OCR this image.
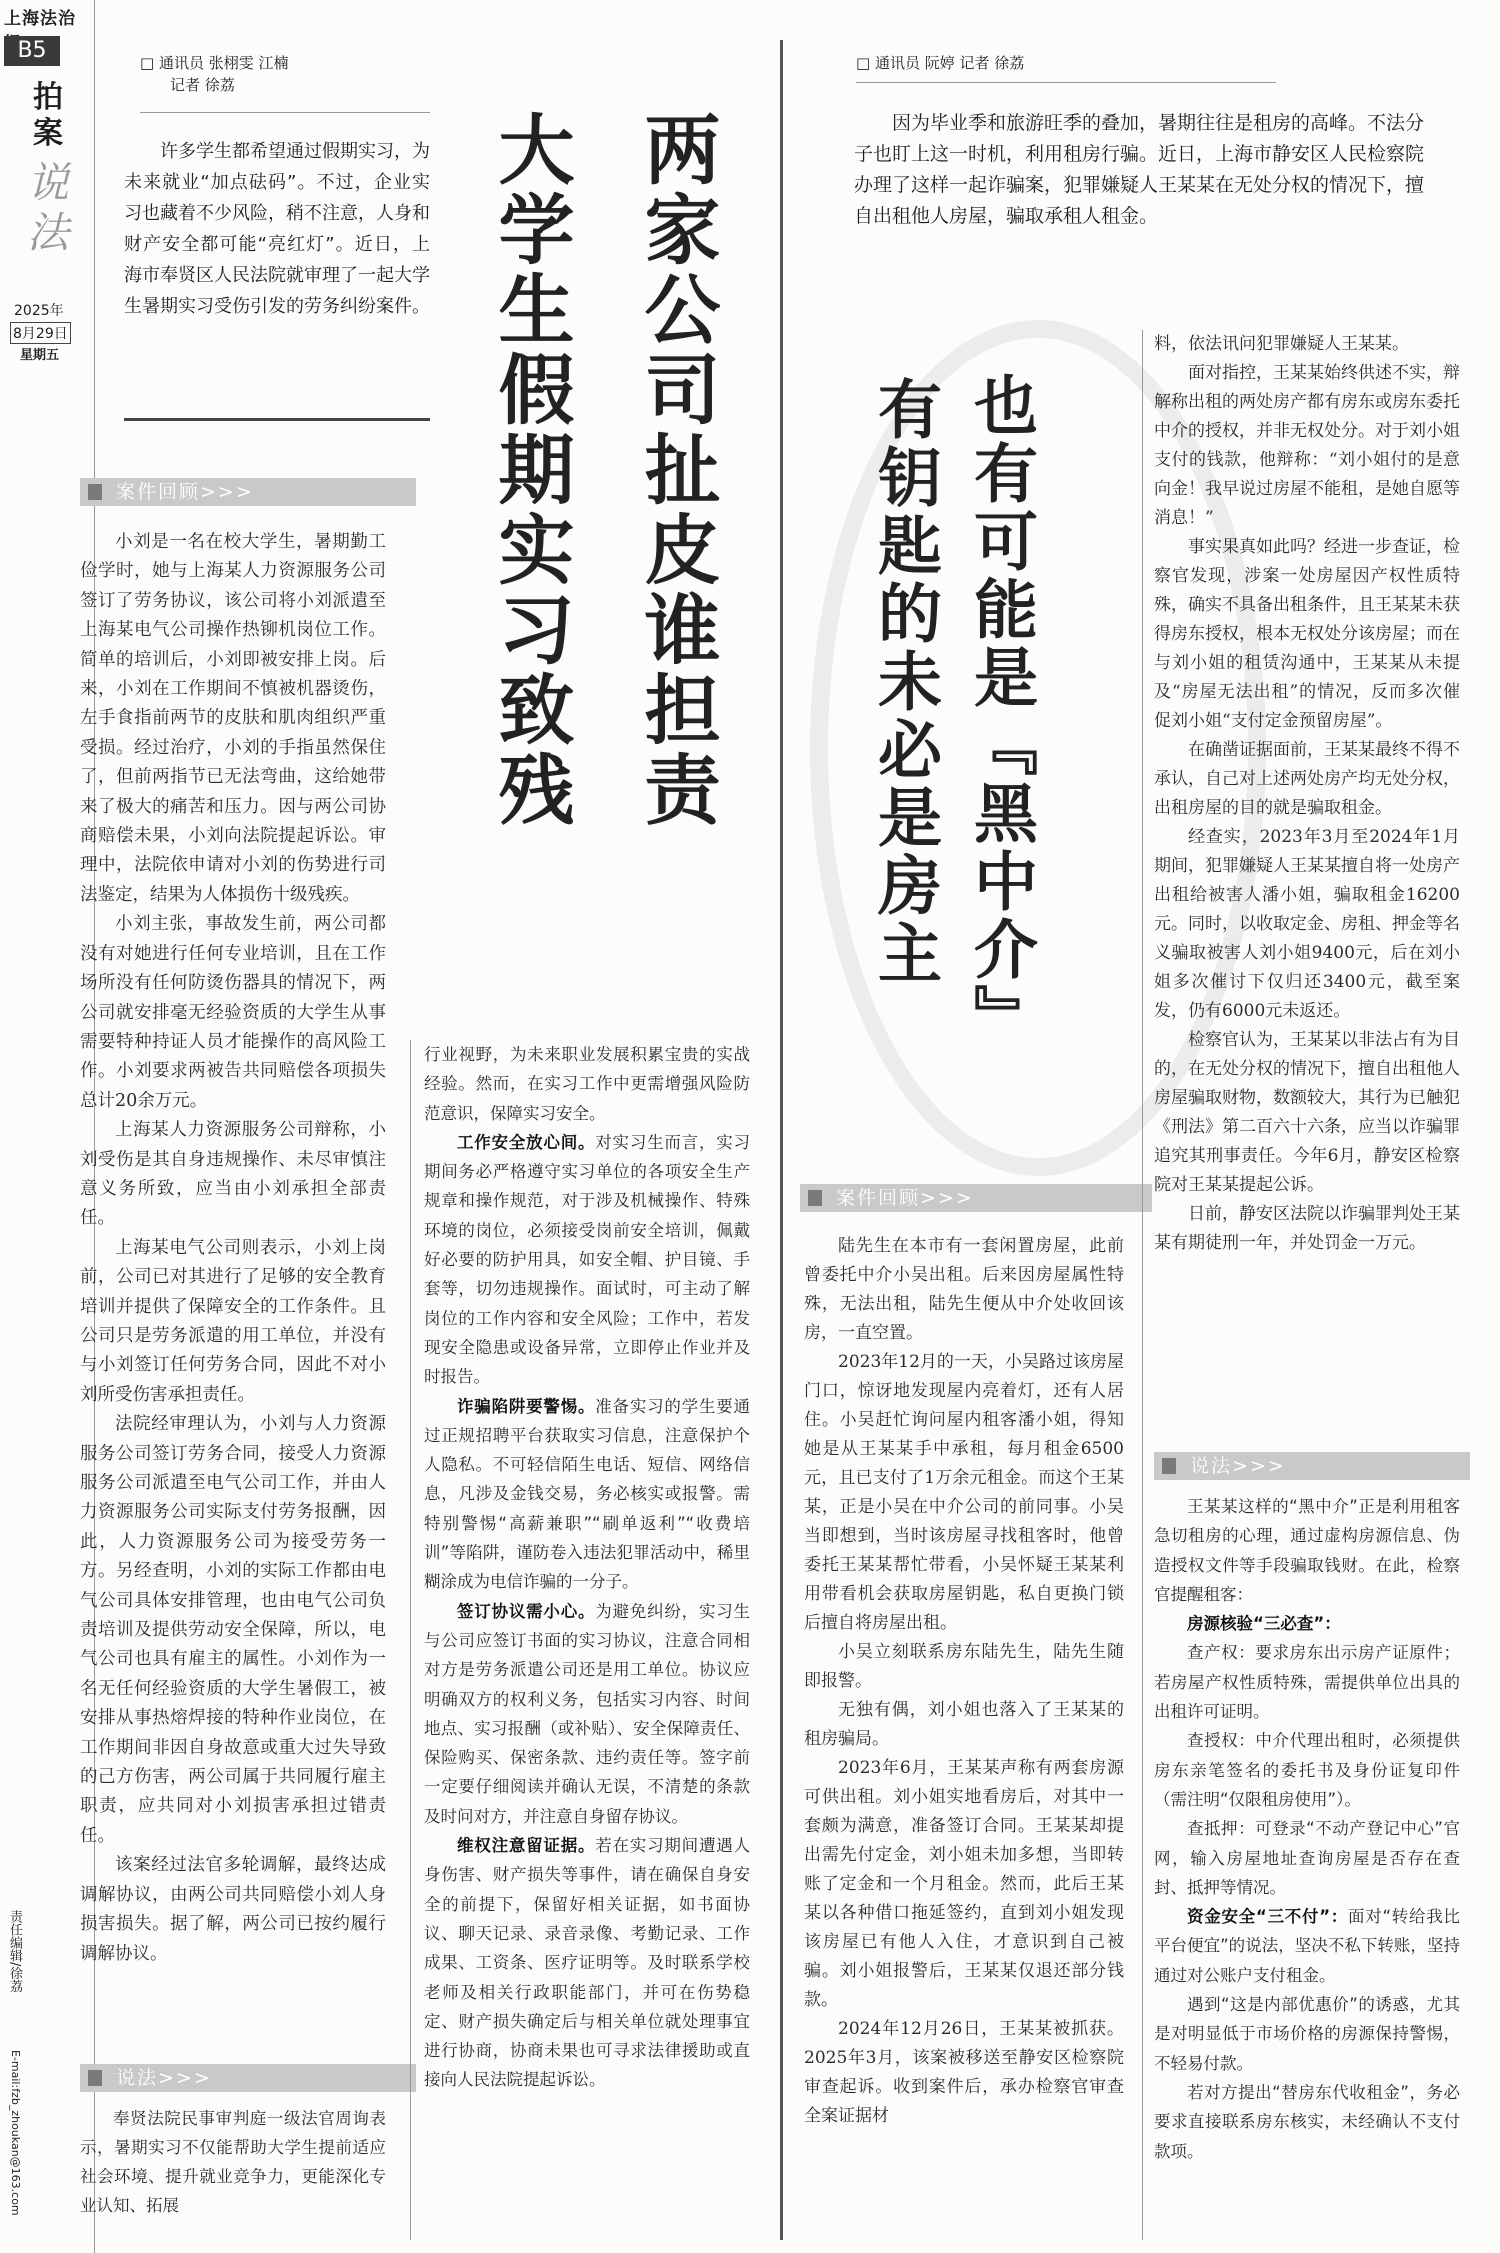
上海法治
B5
拍案
说法
2025年
8月29日
星期五
责任编辑/徐荔
E-mail:fzb_zhoukan@163.com
□ 通讯员 张栩雯 江楠
记者 徐荔
许多学生都希望通过假期实习，为未来就业“加点砝码”。不过，企业实习也藏着不少风险，稍不注意，人身和财产安全都可能“亮红灯”。近日，上海市奉贤区人民法院就审理了一起大学生暑期实习受伤引发的劳务纠纷案件。	两家公司扯皮谁担责
大学生假期实习致残
案件回顾>>>

小刘是一名在校大学生，暑期勤工俭学时，她与上海某人力资源服务公司签订了劳务协议，该公司将小刘派遣至上海某电气公司操作热铆机岗位工作。简单的培训后，小刘即被安排上岗。后来，小刘在工作期间不慎被机器烫伤，左手食指前两节的皮肤和肌肉组织严重受损。经过治疗，小刘的手指虽然保住了，但前两指节已无法弯曲，这给她带来了极大的痛苦和压力。因与两公司协商赔偿未果，小刘向法院提起诉讼。审理中，法院依申请对小刘的伤势进行司法鉴定，结果为人体损伤十级残疾。

小刘主张，事故发生前，两公司都没有对她进行任何专业培训，且在工作场所没有任何防烫伤器具的情况下，两公司就安排毫无经验资质的大学生从事需要特种持证人员才能操作的高风险工作。小刘要求两被告共同赔偿各项损失总计20余万元。

上海某人力资源服务公司辩称，小刘受伤是其自身违规操作、未尽审慎注意义务所致，应当由小刘承担全部责任。

上海某电气公司则表示，小刘上岗前，公司已对其进行了足够的安全教育培训并提供了保障安全的工作条件。且公司只是劳务派遣的用工单位，并没有与小刘签订任何劳务合同，因此不对小刘所受伤害承担责任。

法院经审理认为，小刘与人力资源服务公司签订劳务合同，接受人力资源服务公司派遣至电气公司工作，并由人力资源服务公司实际支付劳务报酬，因此，人力资源服务公司为接受劳务一方。另经查明，小刘的实际工作都由电气公司具体安排管理，也由电气公司负责培训及提供劳动安全保障，所以，电气公司也具有雇主的属性。小刘作为一名无任何经验资质的大学生暑假工，被安排从事热熔焊接的特种作业岗位，在工作期间非因自身故意或重大过失导致的己方伤害，两公司属于共同履行雇主职责，应共同对小刘损害承担过错责任。

该案经过法官多轮调解，最终达成调解协议，由两公司共同赔偿小刘人身损害损失。据了解，两公司已按约履行调解协议。

说法>>>

奉贤法院民事审判庭一级法官周询表示，暑期实习不仅能帮助大学生提前适应社会环境、提升就业竞争力，更能深化专业认知、拓展

行业视野，为未来职业发展积累宝贵的实战经验。然而，在实习工作中更需增强风险防范意识，保障实习安全。

工作安全放心间。对实习生而言，实习期间务必严格遵守实习单位的各项安全生产规章和操作规范，对于涉及机械操作、特殊环境的岗位，必须接受岗前安全培训，佩戴好必要的防护用具，如安全帽、护目镜、手套等，切勿违规操作。面试时，可主动了解岗位的工作内容和安全风险；工作中，若发现安全隐患或设备异常，立即停止作业并及时报告。

诈骗陷阱要警惕。准备实习的学生要通过正规招聘平台获取实习信息，注意保护个人隐私。不可轻信陌生电话、短信、网络信息，凡涉及金钱交易，务必核实或报警。需特别警惕“高薪兼职”“刷单返利”“收费培训”等陷阱，谨防卷入违法犯罪活动中，稀里糊涂成为电信诈骗的一分子。

签订协议需小心。为避免纠纷，实习生与公司应签订书面的实习协议，注意合同相对方是劳务派遣公司还是用工单位。协议应明确双方的权利义务，包括实习内容、时间地点、实习报酬（或补贴）、安全保障责任、保险购买、保密条款、违约责任等。签字前一定要仔细阅读并确认无误，不清楚的条款及时问对方，并注意自身留存协议。

维权注意留证据。若在实习期间遭遇人身伤害、财产损失等事件，请在确保自身安全的前提下，保留好相关证据，如书面协议、聊天记录、录音录像、考勤记录、工作成果、工资条、医疗证明等。及时联系学校老师及相关行政职能部门，并可在伤势稳定、财产损失确定后与相关单位就处理事宜进行协商，协商未果也可寻求法律援助或直接向人民法院提起诉讼。

□ 通讯员 阮婷 记者 徐荔
因为毕业季和旅游旺季的叠加，暑期往往是租房的高峰。不法分子也盯上这一时机，利用租房行骗。近日，上海市静安区人民检察院办理了这样一起诈骗案，犯罪嫌疑人王某某在无处分权的情况下，擅自出租他人房屋，骗取承租人租金。
也有可能是『黑中介』
有钥匙的未必是房主
案件回顾>>>

陆先生在本市有一套闲置房屋，此前曾委托中介小吴出租。后来因房屋属性特殊，无法出租，陆先生便从中介处收回该房，一直空置。

2023年12月的一天，小吴路过该房屋门口，惊讶地发现屋内亮着灯，还有人居住。小吴赶忙询问屋内租客潘小姐，得知她是从王某某手中承租，每月租金6500元，且已支付了1万余元租金。而这个王某某，正是小吴在中介公司的前同事。小吴当即想到，当时该房屋寻找租客时，他曾委托王某某帮忙带看，小吴怀疑王某某利用带看机会获取房屋钥匙，私自更换门锁后擅自将房屋出租。

小吴立刻联系房东陆先生，陆先生随即报警。

无独有偶，刘小姐也落入了王某某的租房骗局。

2023年6月，王某某声称有两套房源可供出租。刘小姐实地看房后，对其中一套颇为满意，准备签订合同。王某某却提出需先付定金，刘小姐未加多想，当即转账了定金和一个月租金。然而，此后王某某以各种借口拖延签约，直到刘小姐发现该房屋已有他人入住，才意识到自己被骗。刘小姐报警后，王某某仅退还部分钱款。

2024年12月26日，王某某被抓获。2025年3月，该案被移送至静安区检察院审查起诉。收到案件后，承办检察官审查全案证据材

料，依法讯问犯罪嫌疑人王某某。

面对指控，王某某始终供述不实，辩解称出租的两处房产都有房东或房东委托中介的授权，并非无权处分。对于刘小姐支付的钱款，他辩称：“刘小姐付的是意向金！我早说过房屋不能租，是她自愿等消息！”

事实果真如此吗？经进一步查证，检察官发现，涉案一处房屋因产权性质特殊，确实不具备出租条件，且王某某未获得房东授权，根本无权处分该房屋；而在与刘小姐的租赁沟通中，王某某从未提及“房屋无法出租”的情况，反而多次催促刘小姐“支付定金预留房屋”。

在确凿证据面前，王某某最终不得不承认，自己对上述两处房产均无处分权，出租房屋的目的就是骗取租金。

经查实，2023年3月至2024年1月期间，犯罪嫌疑人王某某擅自将一处房产出租给被害人潘小姐，骗取租金16200元。同时，以收取定金、房租、押金等名义骗取被害人刘小姐9400元，后在刘小姐多次催讨下仅归还3400元，截至案发，仍有6000元未返还。

检察官认为，王某某以非法占有为目的，在无处分权的情况下，擅自出租他人房屋骗取财物，数额较大，其行为已触犯《刑法》第二百六十六条，应当以诈骗罪追究其刑事责任。今年6月，静安区检察院对王某某提起公诉。

日前，静安区法院以诈骗罪判处王某某有期徒刑一年，并处罚金一万元。

说法>>>

王某某这样的“黑中介”正是利用租客急切租房的心理，通过虚构房源信息、伪造授权文件等手段骗取钱财。在此，检察官提醒租客：

房源核验“三必查”：

查产权：要求房东出示房产证原件；若房屋产权性质特殊，需提供单位出具的出租许可证明。

查授权：中介代理出租时，必须提供房东亲笔签名的委托书及身份证复印件（需注明“仅限租房使用”）。

查抵押：可登录“不动产登记中心”官网，输入房屋地址查询房屋是否存在查封、抵押等情况。

资金安全“三不付”：面对“转给我比平台便宜”的说法，坚决不私下转账，坚持通过对公账户支付租金。

遇到“这是内部优惠价”的诱惑，尤其是对明显低于市场价格的房源保持警惕，不轻易付款。

若对方提出“替房东代收租金”，务必要求直接联系房东核实，未经确认不支付款项。
